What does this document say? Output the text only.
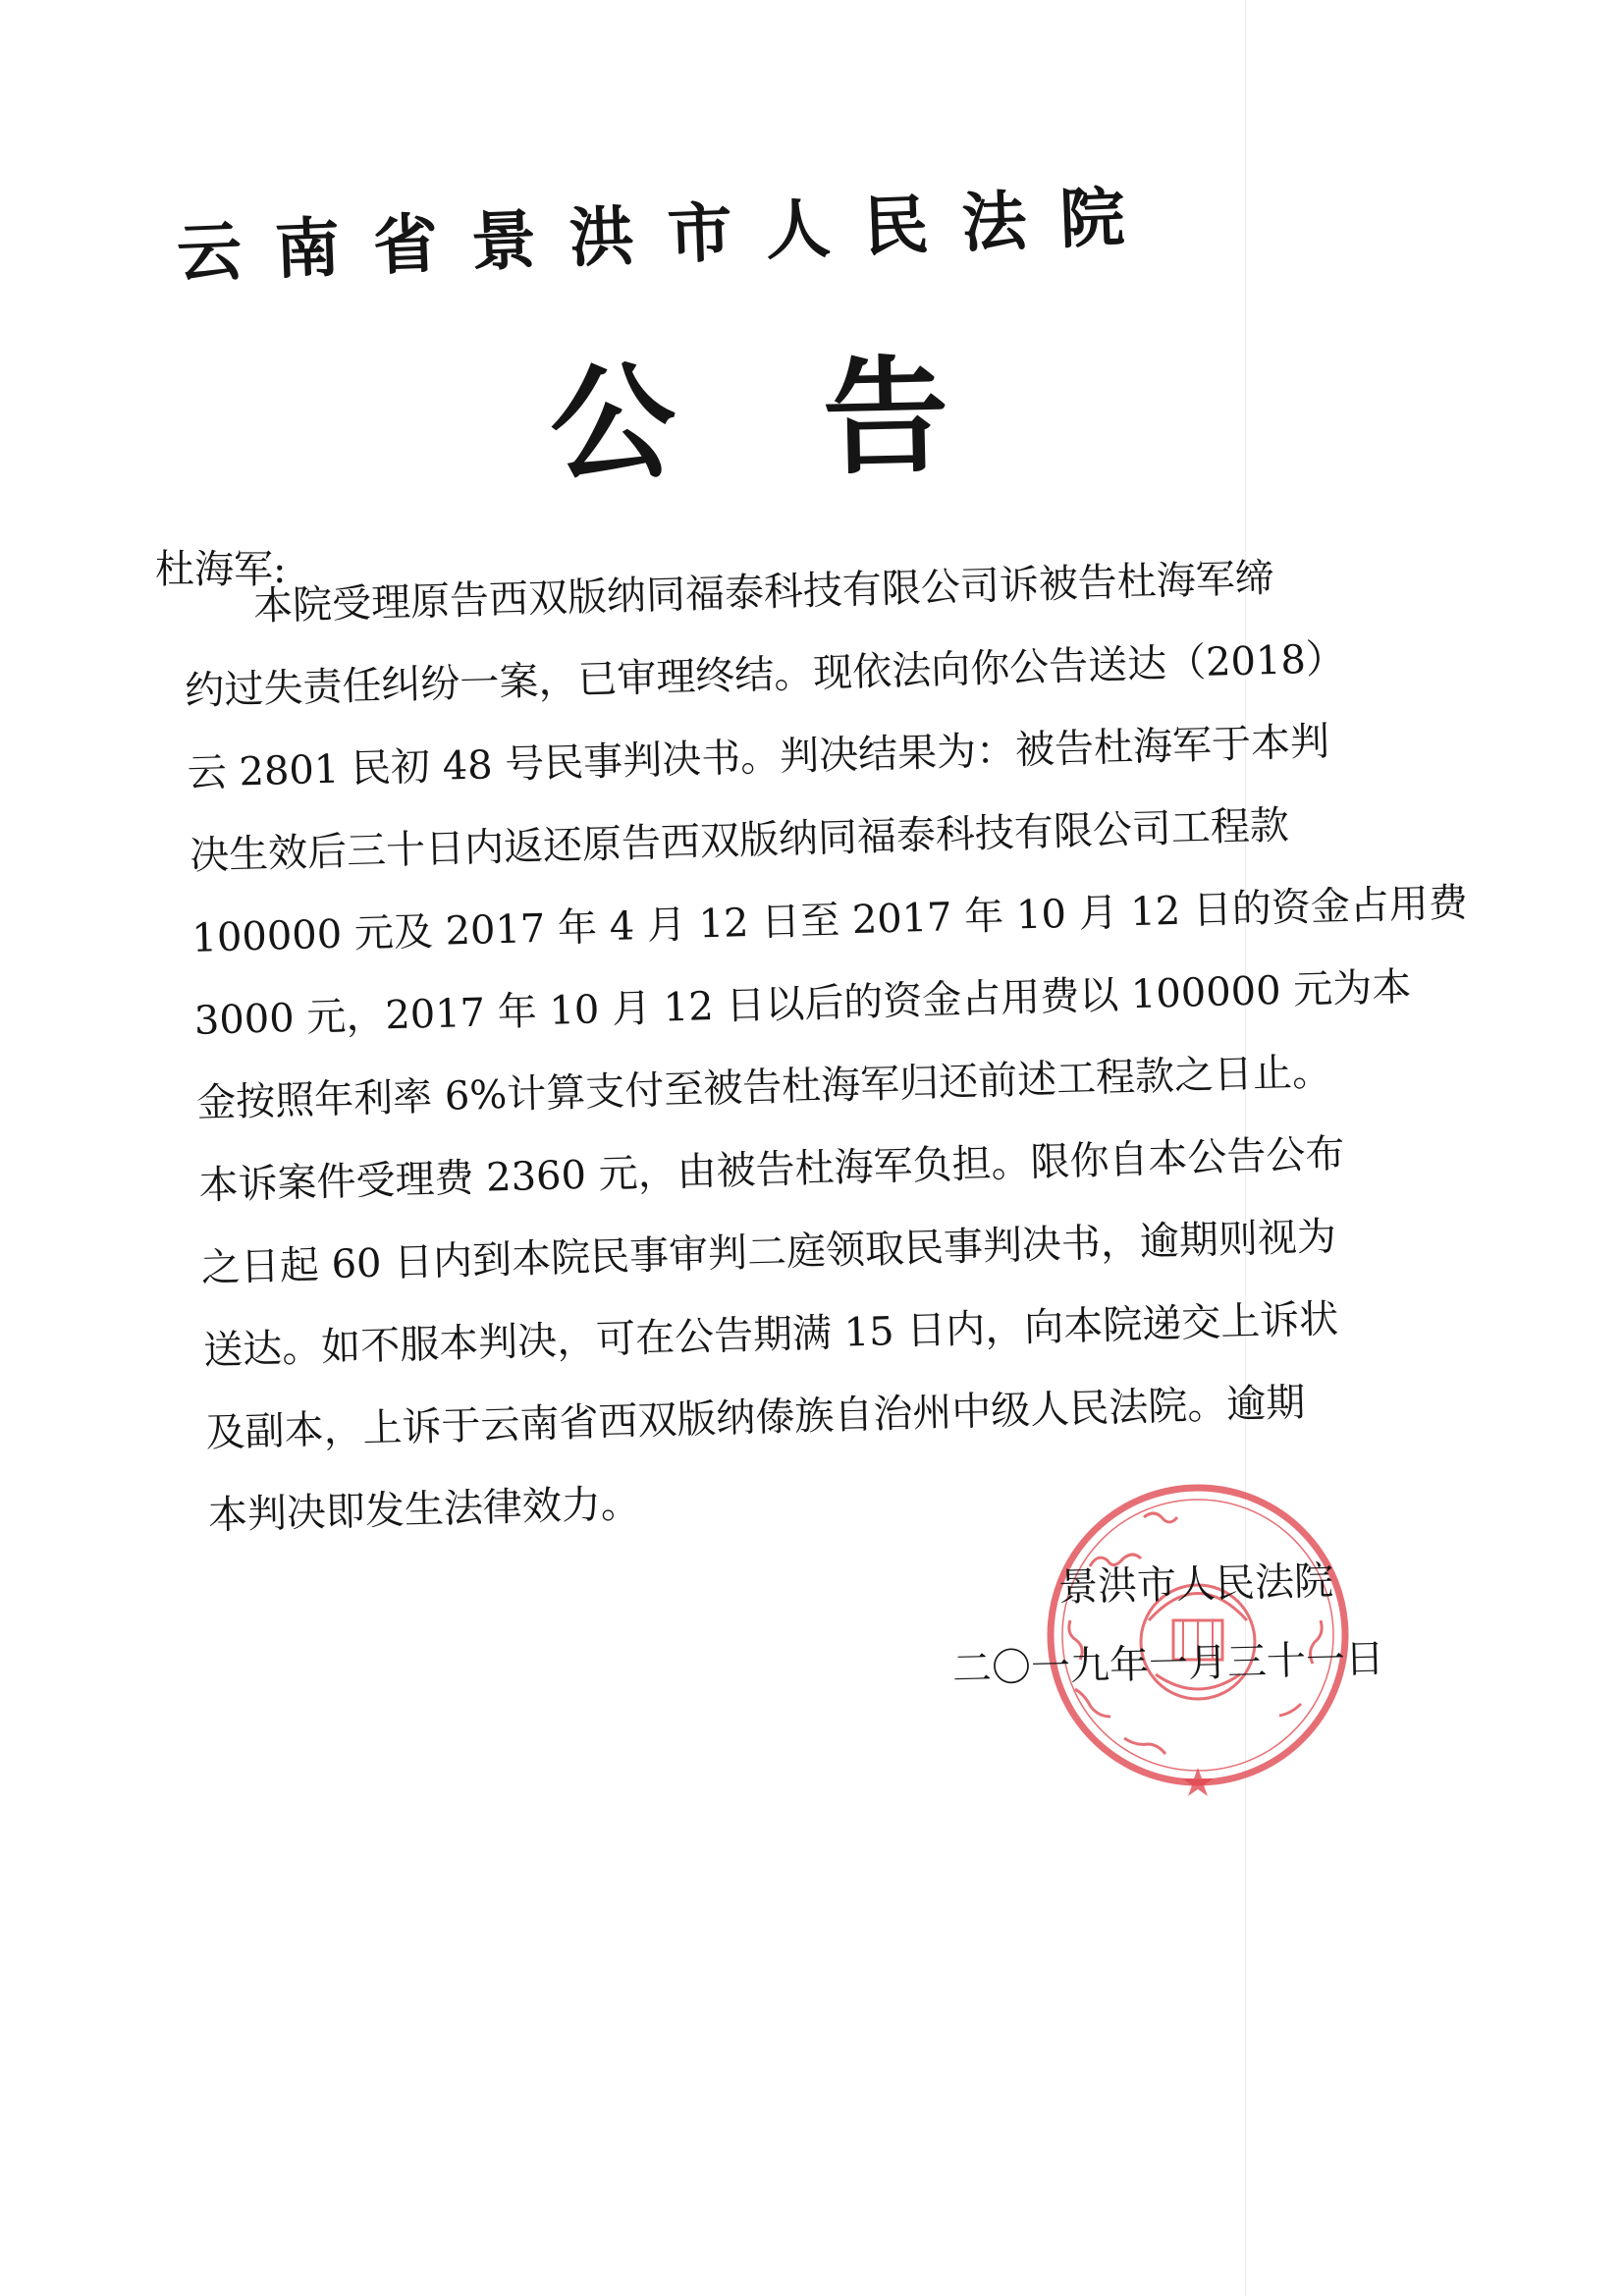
云南省景洪市人民法院
公告
杜海军:
本院受理原告西双版纳同福泰科技有限公司诉被告杜海军缔
约过失责任纠纷一案，已审理终结。现依法向你公告送达（2018）
云 2801 民初 48 号民事判决书。判决结果为：被告杜海军于本判
决生效后三十日内返还原告西双版纳同福泰科技有限公司工程款
100000 元及 2017 年 4 月 12 日至 2017 年 10 月 12 日的资金占用费
3000 元，2017 年 10 月 12 日以后的资金占用费以 100000 元为本
金按照年利率 6%计算支付至被告杜海军归还前述工程款之日止。
本诉案件受理费 2360 元，由被告杜海军负担。限你自本公告公布
之日起 60 日内到本院民事审判二庭领取民事判决书，逾期则视为
送达。如不服本判决，可在公告期满 15 日内，向本院递交上诉状
及副本，上诉于云南省西双版纳傣族自治州中级人民法院。逾期
本判决即发生法律效力。
景洪市人民法院
二〇一九年一月三十一日
